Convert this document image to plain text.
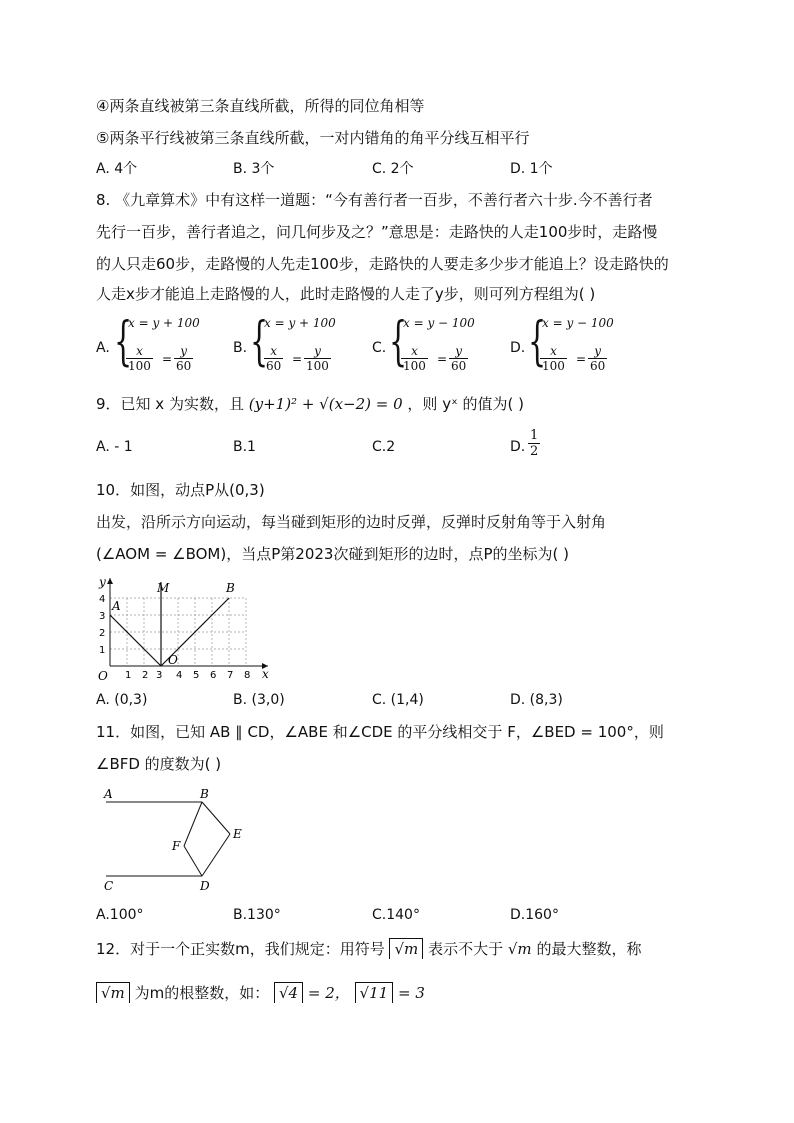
④两条直线被第三条直线所截，所得的同位角相等
⑤两条平行线被第三条直线所截，一对内错角的角平分线互相平行
A. 4个	B. 3个	C. 2个	D. 1个
8. 《九章算术》中有这样一道题：“今有善行者一百步，不善行者六十步.今不善行者
先行一百步，善行者追之，问几何步及之？”意思是：走路快的人走100步时，走路慢
的人只走60步，走路慢的人先走100步，走路快的人要走多少步才能追上？设走路快的
人走x步才能追上走路慢的人，此时走路慢的人走了y步，则可列方程组为( )
A. {
x = y + 100
$\frac{x}{100} = \frac{y}{60}$	B. {
x = y + 100
$\frac{x}{60} = \frac{y}{100}$	C. {
x = y − 100
$\frac{x}{100} = \frac{y}{60}$	D. {
x = y − 100
$\frac{x}{100} = \frac{y}{60}$
9．已知 x 为实数，且 (y+1)² + √(x−2) = 0 ，则 yˣ 的值为( )
A. - 1	B.1	C.2	D. $\frac{1}{2}$
10．如图，动点P从(0,3)
出发，沿所示方向运动，每当碰到矩形的边时反弹，反弹时反射角等于入射角
(∠AOM = ∠BOM)，当点P第2023次碰到矩形的边时，点P的坐标为( )
1 2 3 4 5 6 7 8
1
2
3
4
x
y
O
A
M	B
O
A. (0,3)	B. (3,0)	C. (1,4)	D. (8,3)
11．如图，已知 AB ∥ CD，∠ABE 和∠CDE 的平分线相交于 F，∠BED = 100°，则
∠BFD 的度数为( )
A	B
E
F
C	D
A.100°	B.130°	C.140°	D.160°
12．对于一个正实数m，我们规定：用符号 √m 表示不大于 √m 的最大整数，称
√m 为m的根整数，如： √4 = 2， √11 = 3
